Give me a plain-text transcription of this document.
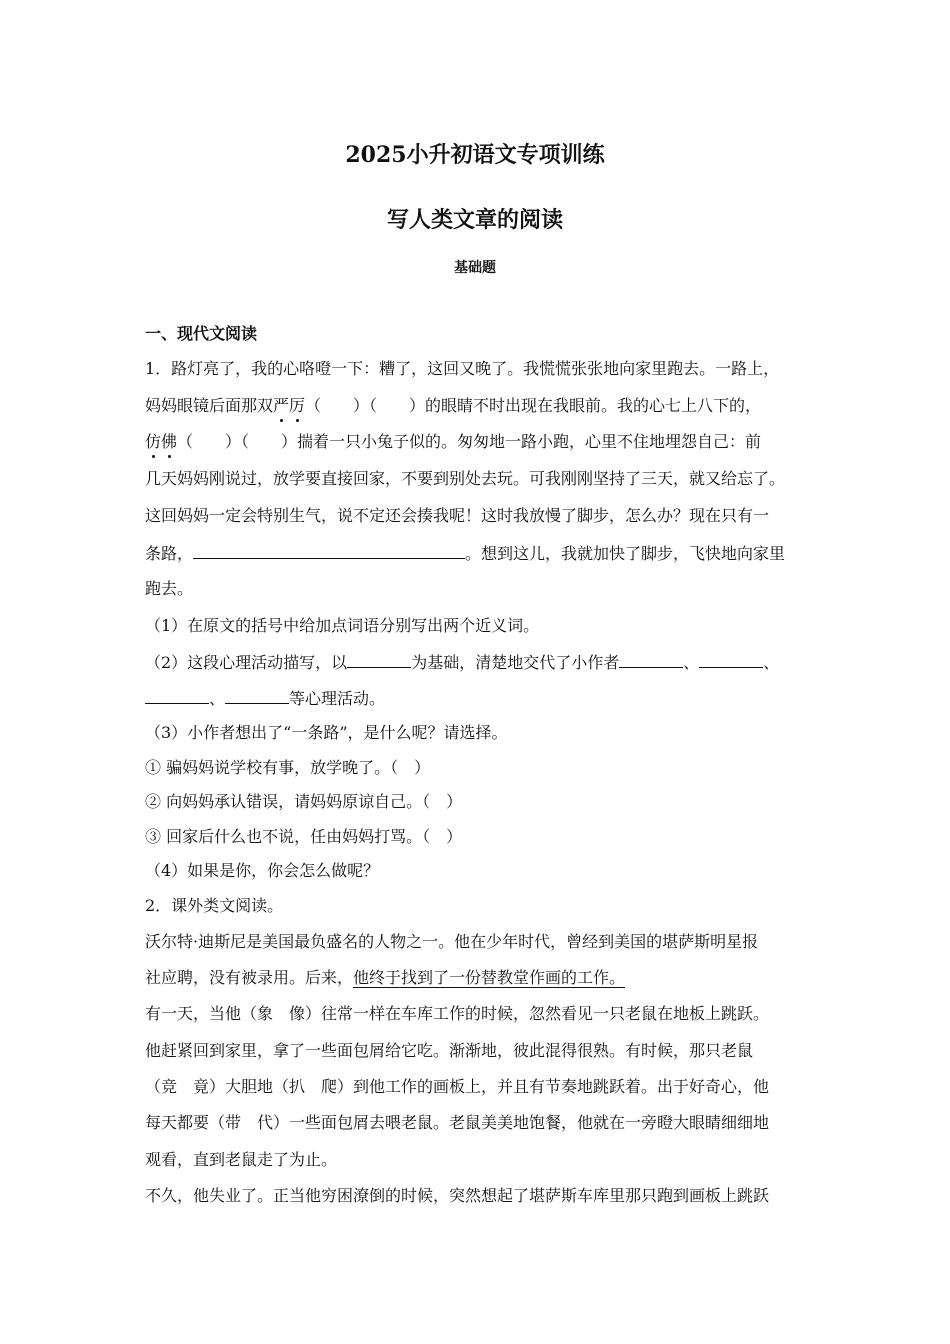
2025小升初语文专项训练
写人类文章的阅读
基础题
一、现代文阅读
1．路灯亮了，我的心咯噔一下：糟了，这回又晚了。我慌慌张张地向家里跑去。一路上，
妈妈眼镜后面那双严厉（　　）（　　）的眼睛不时出现在我眼前。我的心七上八下的，
仿佛（　　）（　　）揣着一只小兔子似的。匆匆地一路小跑，心里不住地埋怨自己：前
几天妈妈刚说过，放学要直接回家，不要到别处去玩。可我刚刚坚持了三天，就又给忘了。
这回妈妈一定会特别生气，说不定还会揍我呢！这时我放慢了脚步，怎么办？现在只有一
条路，	。想到这儿，我就加快了脚步，飞快地向家里
跑去。
（1）在原文的括号中给加点词语分别写出两个近义词。
（2）这段心理活动描写，以	为基础，清楚地交代了小作者	、	、
、	等心理活动。
（3）小作者想出了“一条路”，是什么呢？请选择。
① 骗妈妈说学校有事，放学晚了。（　）
② 向妈妈承认错误，请妈妈原谅自己。（　）
③ 回家后什么也不说，任由妈妈打骂。（　）
（4）如果是你，你会怎么做呢？
2．课外类文阅读。
沃尔特·迪斯尼是美国最负盛名的人物之一。他在少年时代，曾经到美国的堪萨斯明星报
社应聘，没有被录用。后来，他终于找到了一份替教堂作画的工作。
有一天，当他（象　像）往常一样在车库工作的时候，忽然看见一只老鼠在地板上跳跃。
他赶紧回到家里，拿了一些面包屑给它吃。渐渐地，彼此混得很熟。有时候，那只老鼠
（竞　竟）大胆地（扒　爬）到他工作的画板上，并且有节奏地跳跃着。出于好奇心，他
每天都要（带　代）一些面包屑去喂老鼠。老鼠美美地饱餐，他就在一旁瞪大眼睛细细地
观看，直到老鼠走了为止。
不久，他失业了。正当他穷困潦倒的时候，突然想起了堪萨斯车库里那只跑到画板上跳跃
